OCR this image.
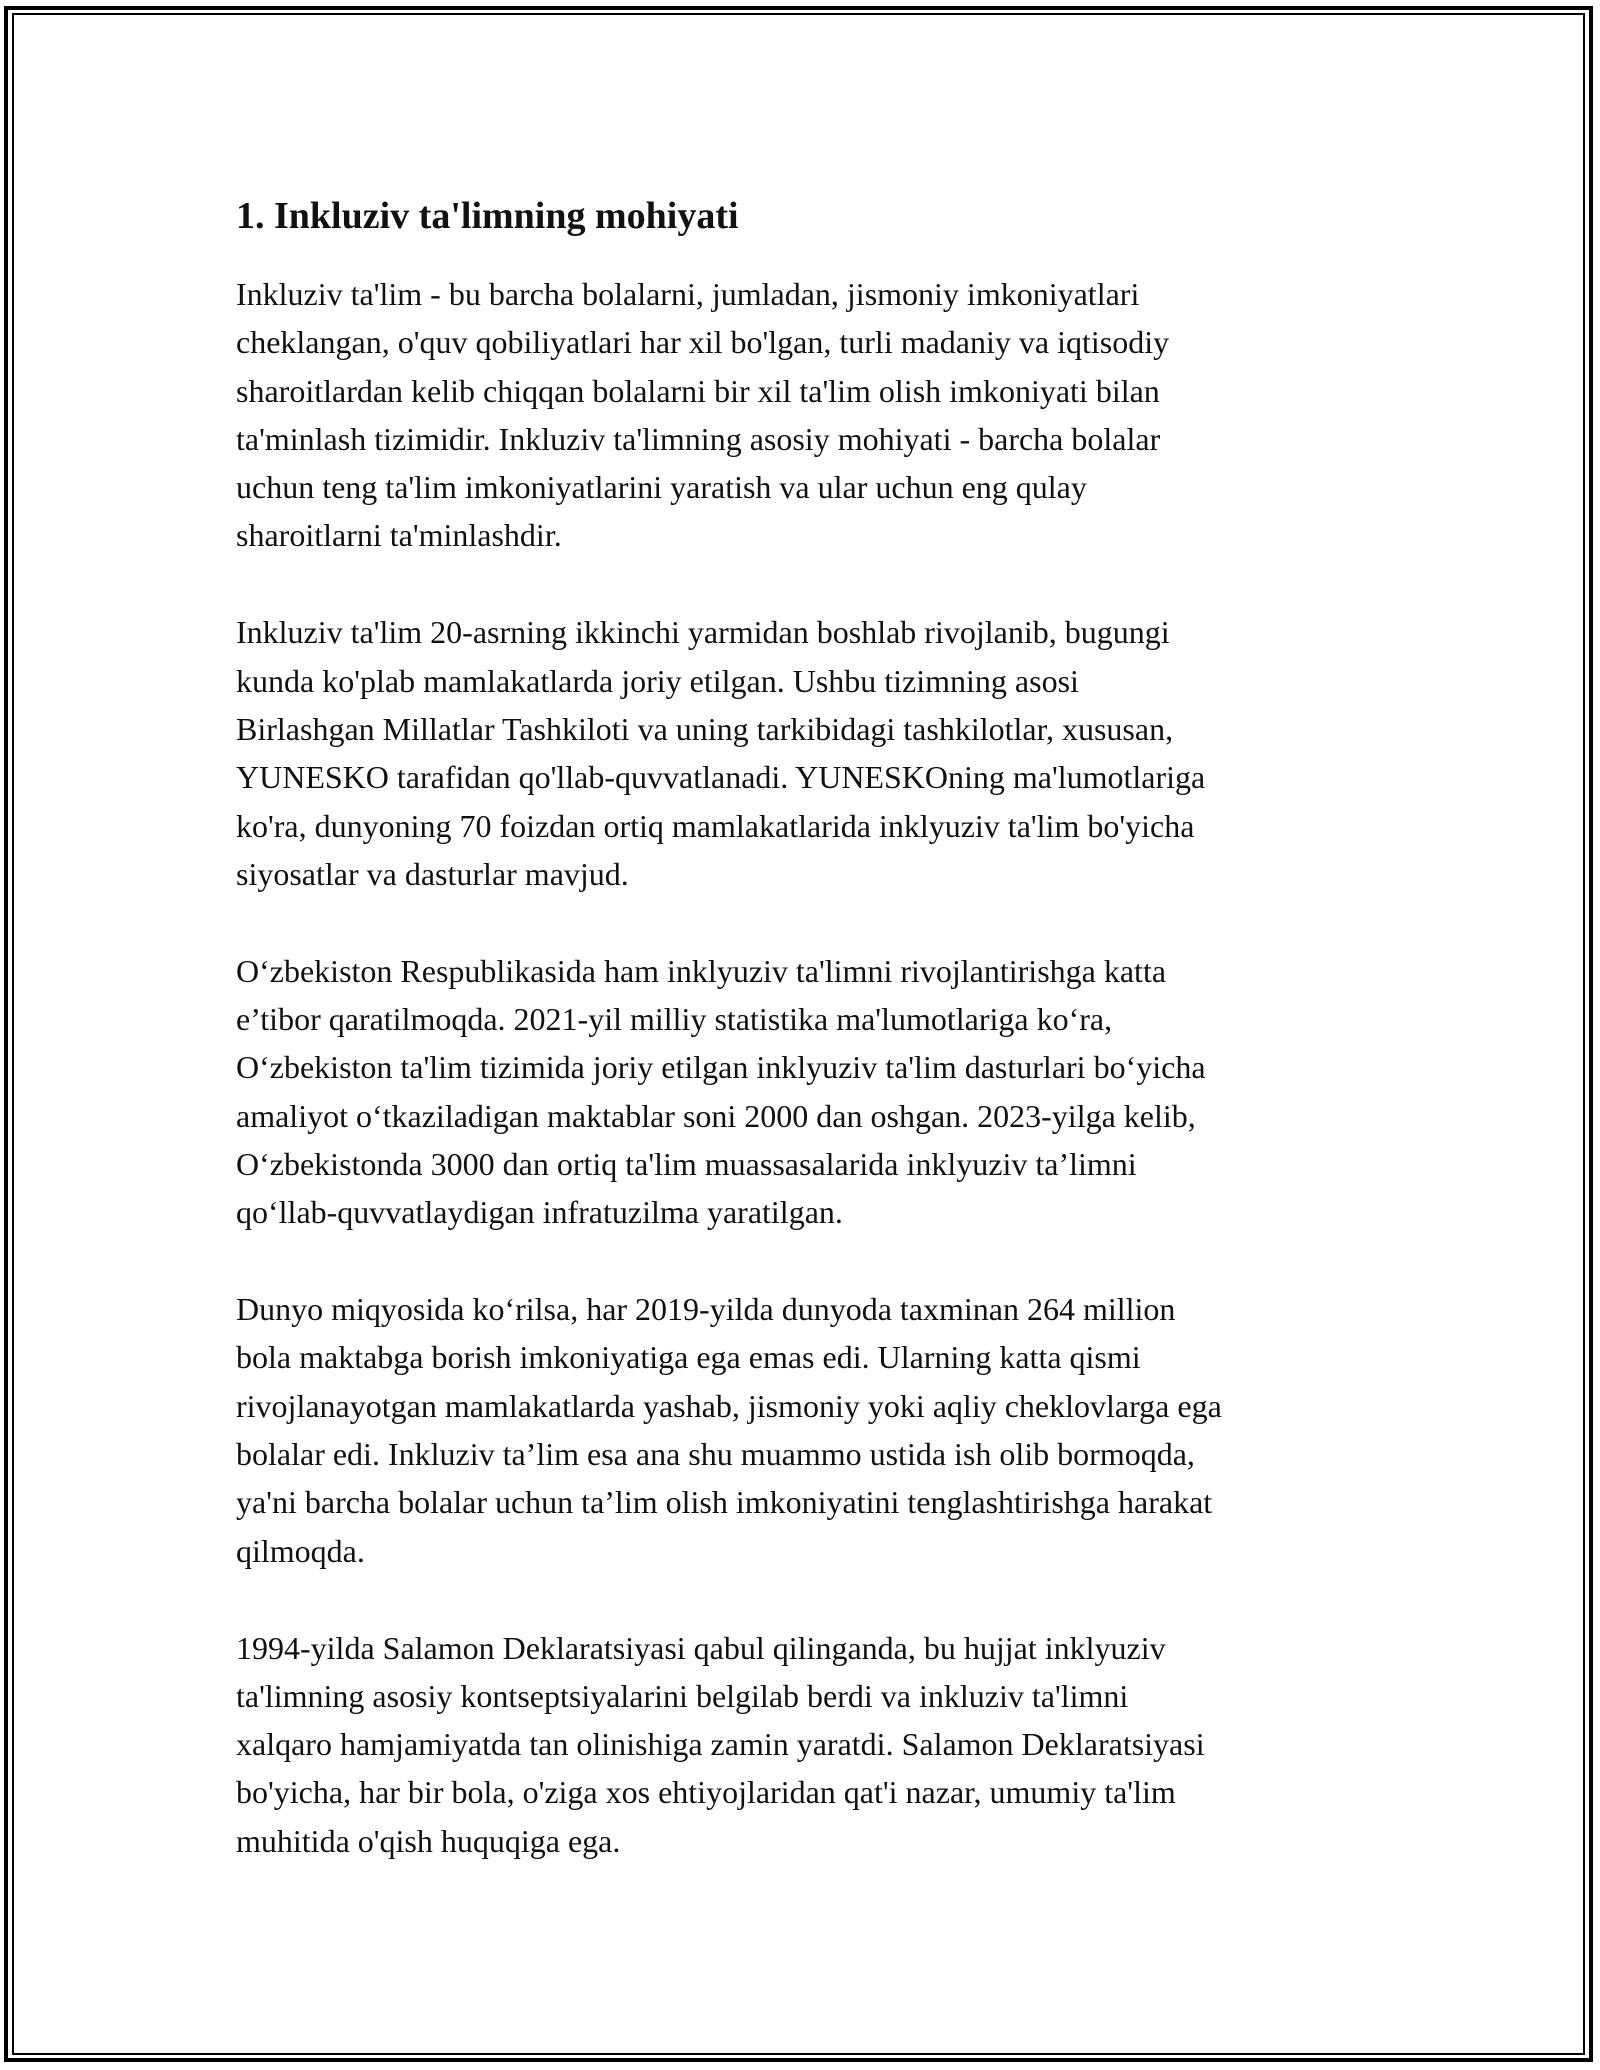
1. Inkluziv ta'limning mohiyati

Inkluziv ta'lim - bu barcha bolalarni, jumladan, jismoniy imkoniyatlari
cheklangan, o'quv qobiliyatlari har xil bo'lgan, turli madaniy va iqtisodiy
sharoitlardan kelib chiqqan bolalarni bir xil ta'lim olish imkoniyati bilan
ta'minlash tizimidir. Inkluziv ta'limning asosiy mohiyati - barcha bolalar
uchun teng ta'lim imkoniyatlarini yaratish va ular uchun eng qulay
sharoitlarni ta'minlashdir.

Inkluziv ta'lim 20-asrning ikkinchi yarmidan boshlab rivojlanib, bugungi
kunda ko'plab mamlakatlarda joriy etilgan. Ushbu tizimning asosi
Birlashgan Millatlar Tashkiloti va uning tarkibidagi tashkilotlar, xususan,
YUNESKO tarafidan qo'llab-quvvatlanadi. YUNESKOning ma'lumotlariga
ko'ra, dunyoning 70 foizdan ortiq mamlakatlarida inklyuziv ta'lim bo'yicha
siyosatlar va dasturlar mavjud.

O‘zbekiston Respublikasida ham inklyuziv ta'limni rivojlantirishga katta
e’tibor qaratilmoqda. 2021-yil milliy statistika ma'lumotlariga ko‘ra,
O‘zbekiston ta'lim tizimida joriy etilgan inklyuziv ta'lim dasturlari bo‘yicha
amaliyot o‘tkaziladigan maktablar soni 2000 dan oshgan. 2023-yilga kelib,
O‘zbekistonda 3000 dan ortiq ta'lim muassasalarida inklyuziv ta’limni
qo‘llab-quvvatlaydigan infratuzilma yaratilgan.

Dunyo miqyosida ko‘rilsa, har 2019-yilda dunyoda taxminan 264 million
bola maktabga borish imkoniyatiga ega emas edi. Ularning katta qismi
rivojlanayotgan mamlakatlarda yashab, jismoniy yoki aqliy cheklovlarga ega
bolalar edi. Inkluziv ta’lim esa ana shu muammo ustida ish olib bormoqda,
ya'ni barcha bolalar uchun ta’lim olish imkoniyatini tenglashtirishga harakat
qilmoqda.

1994-yilda Salamon Deklaratsiyasi qabul qilinganda, bu hujjat inklyuziv
ta'limning asosiy kontseptsiyalarini belgilab berdi va inkluziv ta'limni
xalqaro hamjamiyatda tan olinishiga zamin yaratdi. Salamon Deklaratsiyasi
bo'yicha, har bir bola, o'ziga xos ehtiyojlaridan qat'i nazar, umumiy ta'lim
muhitida o'qish huquqiga ega.
